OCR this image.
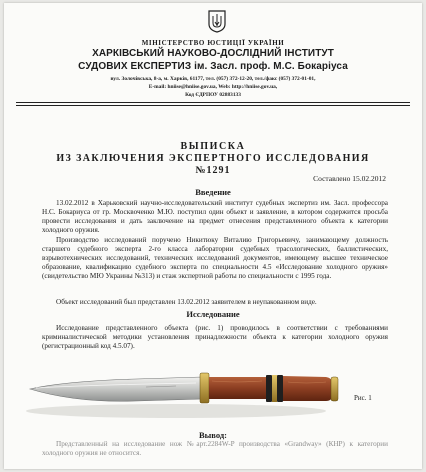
МІНІСТЕРСТВО ЮСТИЦІЇ УКРАЇНИ
ХАРКІВСЬКИЙ НАУКОВО-ДОСЛІДНИЙ ІНСТИТУТ
СУДОВИХ ЕКСПЕРТИЗ ім. Засл. проф. М.С. Бокаріуса
вул. Золочівська, 8-а, м. Харків, 61177, тел. (057) 372-12-20, тел./факс (057) 372-01-01,
E-mail: hniise@hniise.gov.ua, Web: http://hniise.gov.ua,
Код ЄДРПОУ 02883133
ВЫПИСКА
ИЗ ЗАКЛЮЧЕНИЯ ЭКСПЕРТНОГО ИССЛЕДОВАНИЯ
№1291
Составлено 15.02.2012
Введение
13.02.2012 в Харьковский научно-исследовательский институт судебных экспертиз им. Засл. профессора Н.С. Бокариуса от гр. Москвоченко М.Ю. поступил один объект и заявление, в котором содержится просьба провести исследования и дать заключение на предмет отнесения представленного объекта к категории холодного оружия.
Производство исследований поручено Никитюку Виталию Григорьевичу, занимающему должность старшего судебного эксперта 2-го класса лаборатории судебных трасологических, баллистических, взрывотехнических исследований, технических исследований документов, имеющему высшее техническое образование, квалификацию судебного эксперта по специальности 4.5 «Исследование холодного оружия» (свидетельство МЮ Украины №313) и стаж экспертной работы по специальности с 1995 года.
Объект исследований был представлен 13.02.2012 заявителем в неупакованном виде.
Исследование
Исследование представленного объекта (рис. 1) проводилось в соответствии с требованиями криминалистической методики установления принадлежности объекта к категории холодного оружия (регистрационный код 4.5.07).
Рис. 1
Вывод:
Представленный на исследование нож №арт.2284W-P производства «Grandway» (КНР) к категории холодного оружия не относится.
